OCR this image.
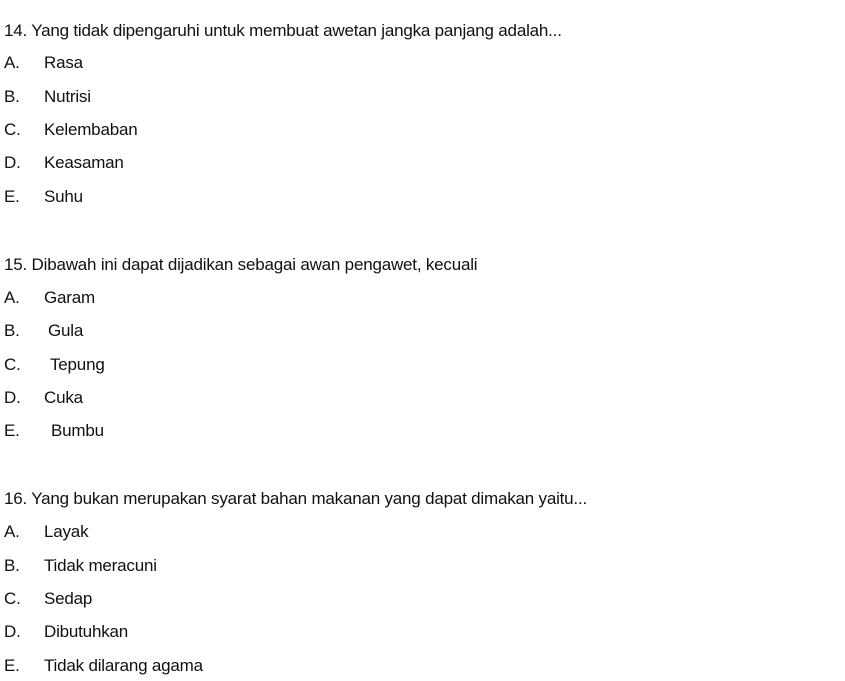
14. Yang tidak dipengaruhi untuk membuat awetan jangka panjang adalah...
A. Rasa
B. Nutrisi
C. Kelembaban
D. Keasaman
E. Suhu
15. Dibawah ini dapat dijadikan sebagai awan pengawet, kecuali
A. Garam
B. Gula
C. Tepung
D. Cuka
E. Bumbu
16. Yang bukan merupakan syarat bahan makanan yang dapat dimakan yaitu...
A. Layak
B. Tidak meracuni
C. Sedap
D. Dibutuhkan
E. Tidak dilarang agama
